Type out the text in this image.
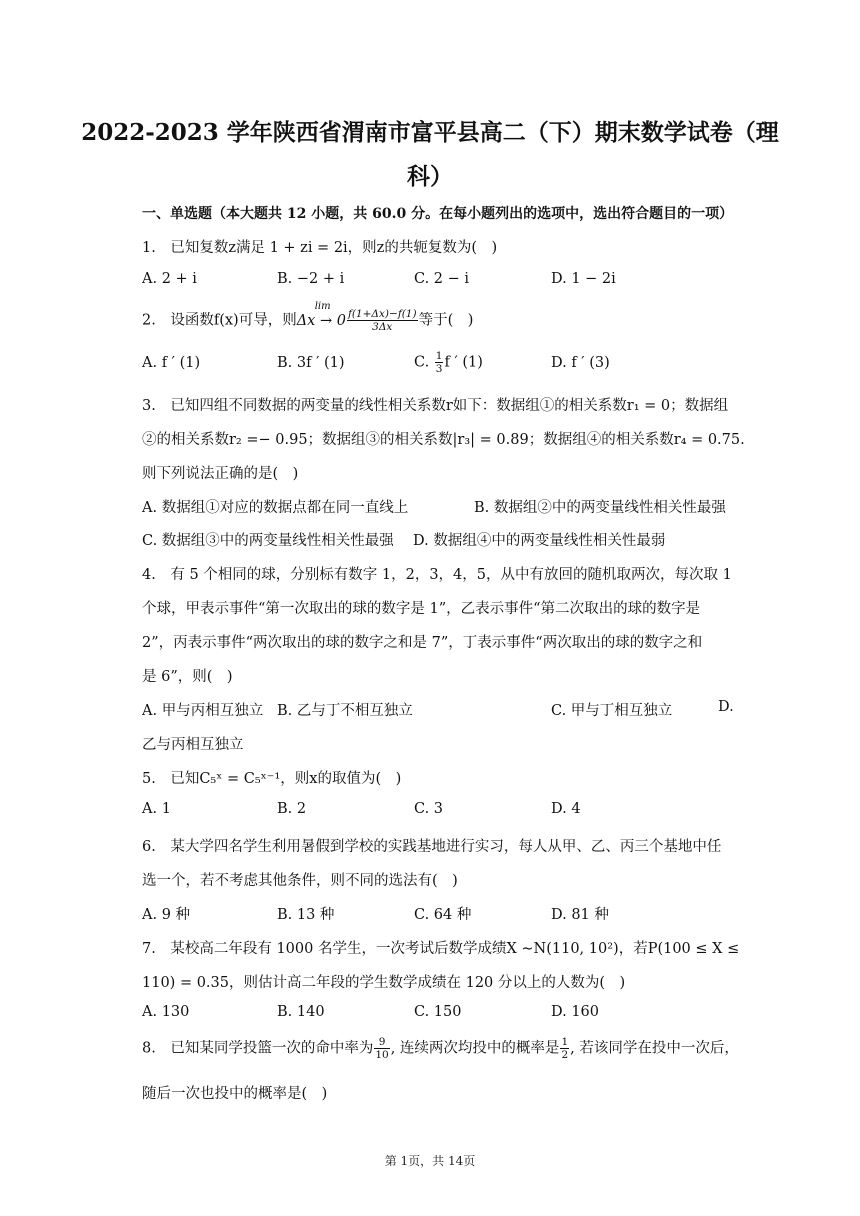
2022-2023 学年陕西省渭南市富平县高二（下）期末数学试卷（理
科）
一、单选题（本大题共 12 小题，共 60.0 分。在每小题列出的选项中，选出符合题目的一项）
1.　已知复数z满足 1 + zi = 2i，则z的共轭复数为(　)
A. 2 + i	B. −2 + i	C. 2 − i	D. 1 − 2i
2.　设函数f(x)可导，则
lim
$\Delta x \to 0 \frac{f(1+\Delta x)-f(1)}{3\Delta x}$ 等于(　)
A. f ′ (1)	B. 3f ′ (1)	C. $\frac{1}{3}$ f ′ (1)	D. f ′ (3)
3.　已知四组不同数据的两变量的线性相关系数r如下：数据组①的相关系数r₁ = 0；数据组
②的相关系数r₂ =− 0.95；数据组③的相关系数|r₃| = 0.89；数据组④的相关系数r₄ = 0.75.
则下列说法正确的是(　)
A. 数据组①对应的数据点都在同一直线上	B. 数据组②中的两变量线性相关性最强
C. 数据组③中的两变量线性相关性最强 D. 数据组④中的两变量线性相关性最弱
4.　有 5 个相同的球，分别标有数字 1，2，3，4，5，从中有放回的随机取两次，每次取 1
个球，甲表示事件“第一次取出的球的数字是 1”，乙表示事件“第二次取出的球的数字是
2”，丙表示事件“两次取出的球的数字之和是 7”，丁表示事件“两次取出的球的数字之和
是 6”，则(　)
A. 甲与丙相互独立 B. 乙与丁不相互独立	C. 甲与丁相互独立	D.
乙与丙相互独立
5.　已知C₅ˣ = C₅ˣ⁻¹，则x的取值为(　)
A. 1	B. 2	C. 3	D. 4
6.　某大学四名学生利用暑假到学校的实践基地进行实习，每人从甲、乙、丙三个基地中任
选一个，若不考虑其他条件，则不同的选法有(　)
A. 9 种	B. 13 种	C. 64 种	D. 81 种
7.　某校高二年段有 1000 名学生，一次考试后数学成绩X ∼N(110, 10²)，若P(100 ≤ X ≤
110) = 0.35，则估计高二年段的学生数学成绩在 120 分以上的人数为(　)
A. 130	B. 140	C. 150	D. 160
8.　已知某同学投篮一次的命中率为 $\frac{9}{10}$ , 连续两次均投中的概率是 $\frac{1}{2}$ , 若该同学在投中一次后，
随后一次也投中的概率是(　)
第 1页，共 14页
